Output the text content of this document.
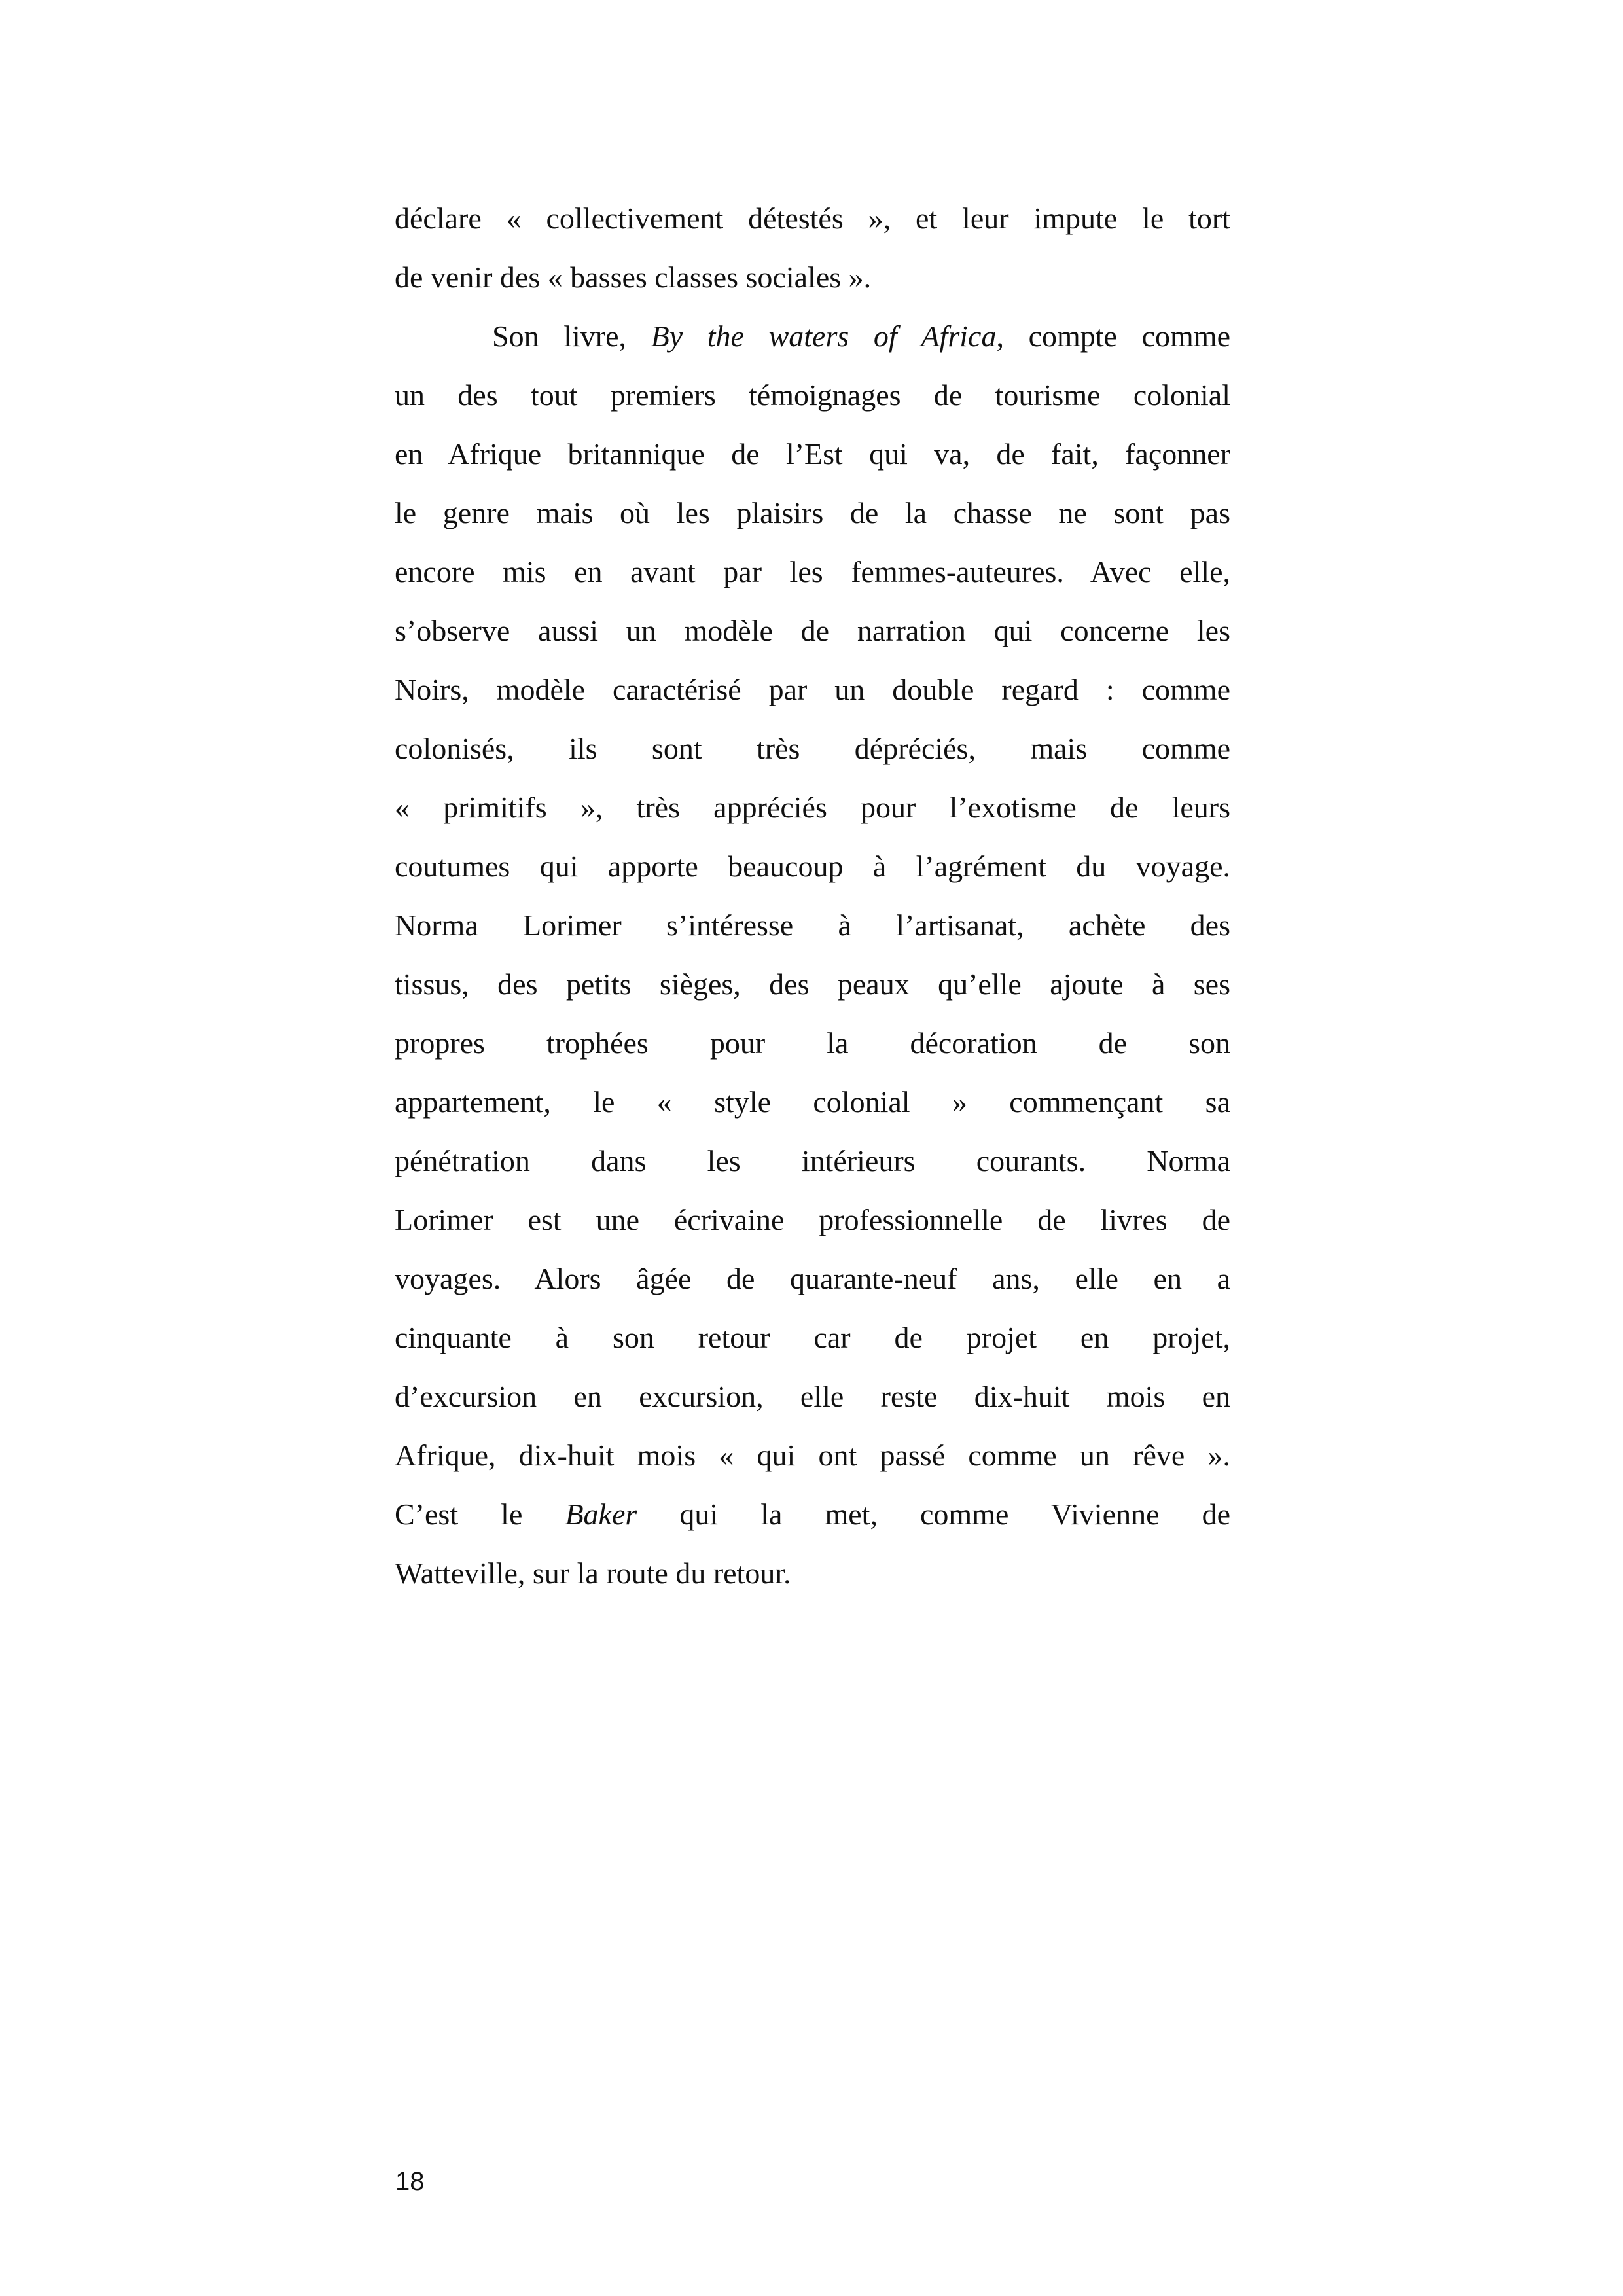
déclare « collectivement détestés », et leur impute le tort
de venir des « basses classes sociales ».
Son livre, By the waters of Africa, compte comme
un des tout premiers témoignages de tourisme colonial
en Afrique britannique de l’Est qui va, de fait, façonner
le genre mais où les plaisirs de la chasse ne sont pas
encore mis en avant par les femmes-auteures. Avec elle,
s’observe aussi un modèle de narration qui concerne les
Noirs, modèle caractérisé par un double regard : comme
colonisés, ils sont très dépréciés, mais comme
« primitifs », très appréciés pour l’exotisme de leurs
coutumes qui apporte beaucoup à l’agrément du voyage.
Norma Lorimer s’intéresse à l’artisanat, achète des
tissus, des petits sièges, des peaux qu’elle ajoute à ses
propres trophées pour la décoration de son
appartement, le « style colonial » commençant sa
pénétration dans les intérieurs courants. Norma
Lorimer est une écrivaine professionnelle de livres de
voyages. Alors âgée de quarante-neuf ans, elle en a
cinquante à son retour car de projet en projet,
d’excursion en excursion, elle reste dix-huit mois en
Afrique, dix-huit mois « qui ont passé comme un rêve ».
C’est le Baker qui la met, comme Vivienne de
Watteville, sur la route du retour.
18
